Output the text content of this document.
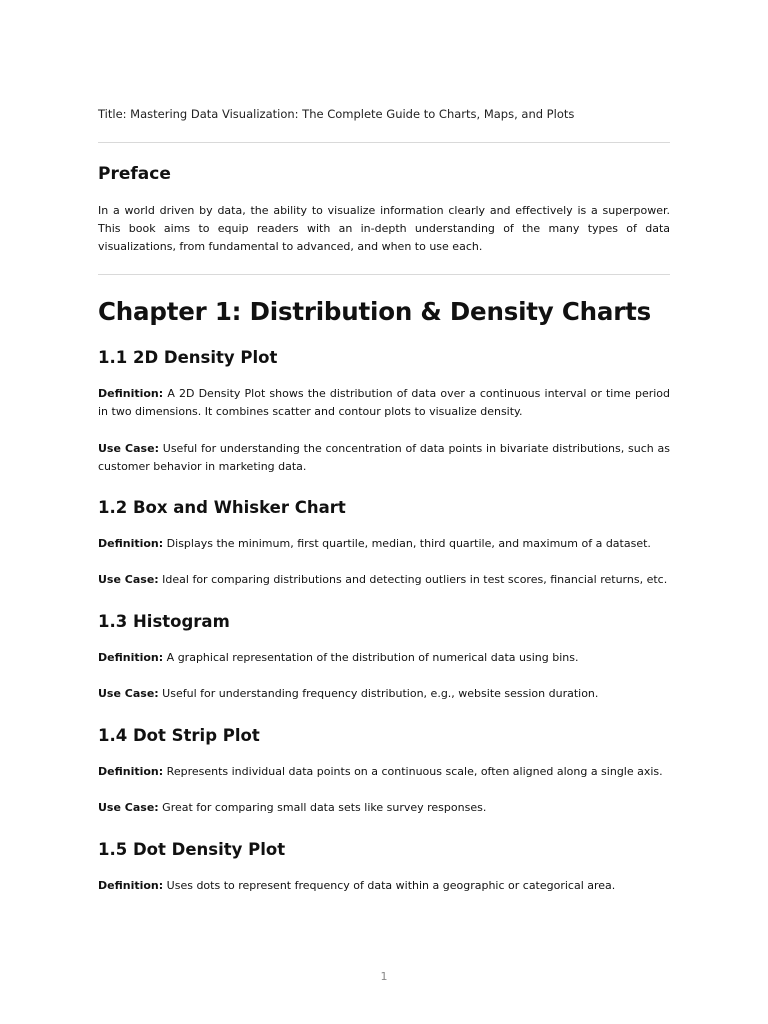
Title: Mastering Data Visualization: The Complete Guide to Charts, Maps, and Plots
Preface

In a world driven by data, the ability to visualize information clearly and effectively is a superpower. This book aims to equip readers with an in-depth understanding of the many types of data visualizations, from fundamental to advanced, and when to use each.

Chapter 1: Distribution & Density Charts
1.1 2D Density Plot

Definition: A 2D Density Plot shows the distribution of data over a continuous interval or time period in two dimensions. It combines scatter and contour plots to visualize density.

Use Case: Useful for understanding the concentration of data points in bivariate distributions, such as customer behavior in marketing data.

1.2 Box and Whisker Chart

Definition: Displays the minimum, first quartile, median, third quartile, and maximum of a dataset.

Use Case: Ideal for comparing distributions and detecting outliers in test scores, financial returns, etc.

1.3 Histogram

Definition: A graphical representation of the distribution of numerical data using bins.

Use Case: Useful for understanding frequency distribution, e.g., website session duration.

1.4 Dot Strip Plot

Definition: Represents individual data points on a continuous scale, often aligned along a single axis.

Use Case: Great for comparing small data sets like survey responses.

1.5 Dot Density Plot

Definition: Uses dots to represent frequency of data within a geographic or categorical area.

1
